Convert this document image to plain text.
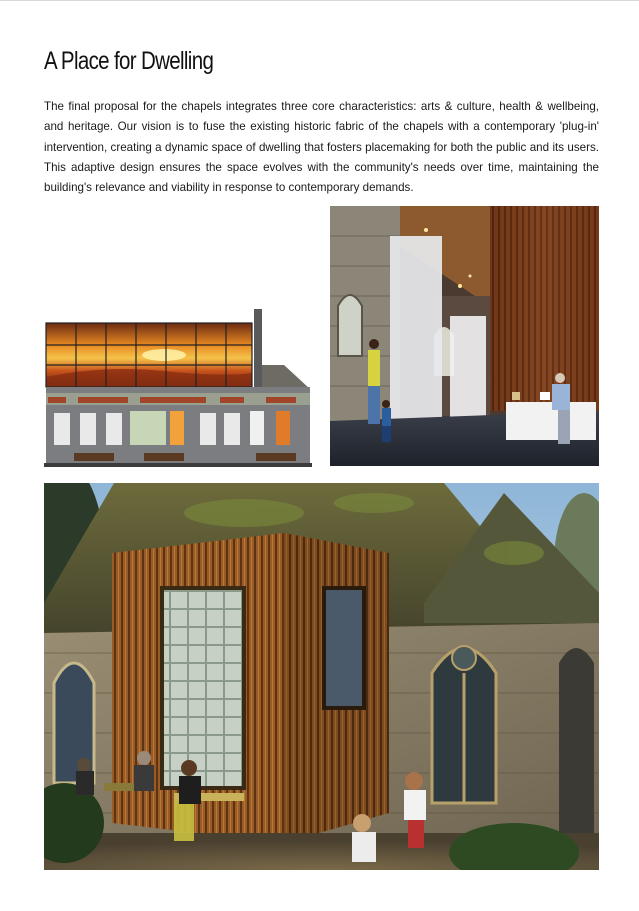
A Place for Dwelling

The final proposal for the chapels integrates three core characteristics: arts & culture, health & wellbeing, and heritage. Our vision is to fuse the existing historic fabric of the chapels with a contemporary 'plug-in' intervention, creating a dynamic space of dwelling that fosters placemaking for both the public and its users. This adaptive design ensures the space evolves with the community's needs over time, maintaining the building's relevance and viability in response to contemporary demands.
